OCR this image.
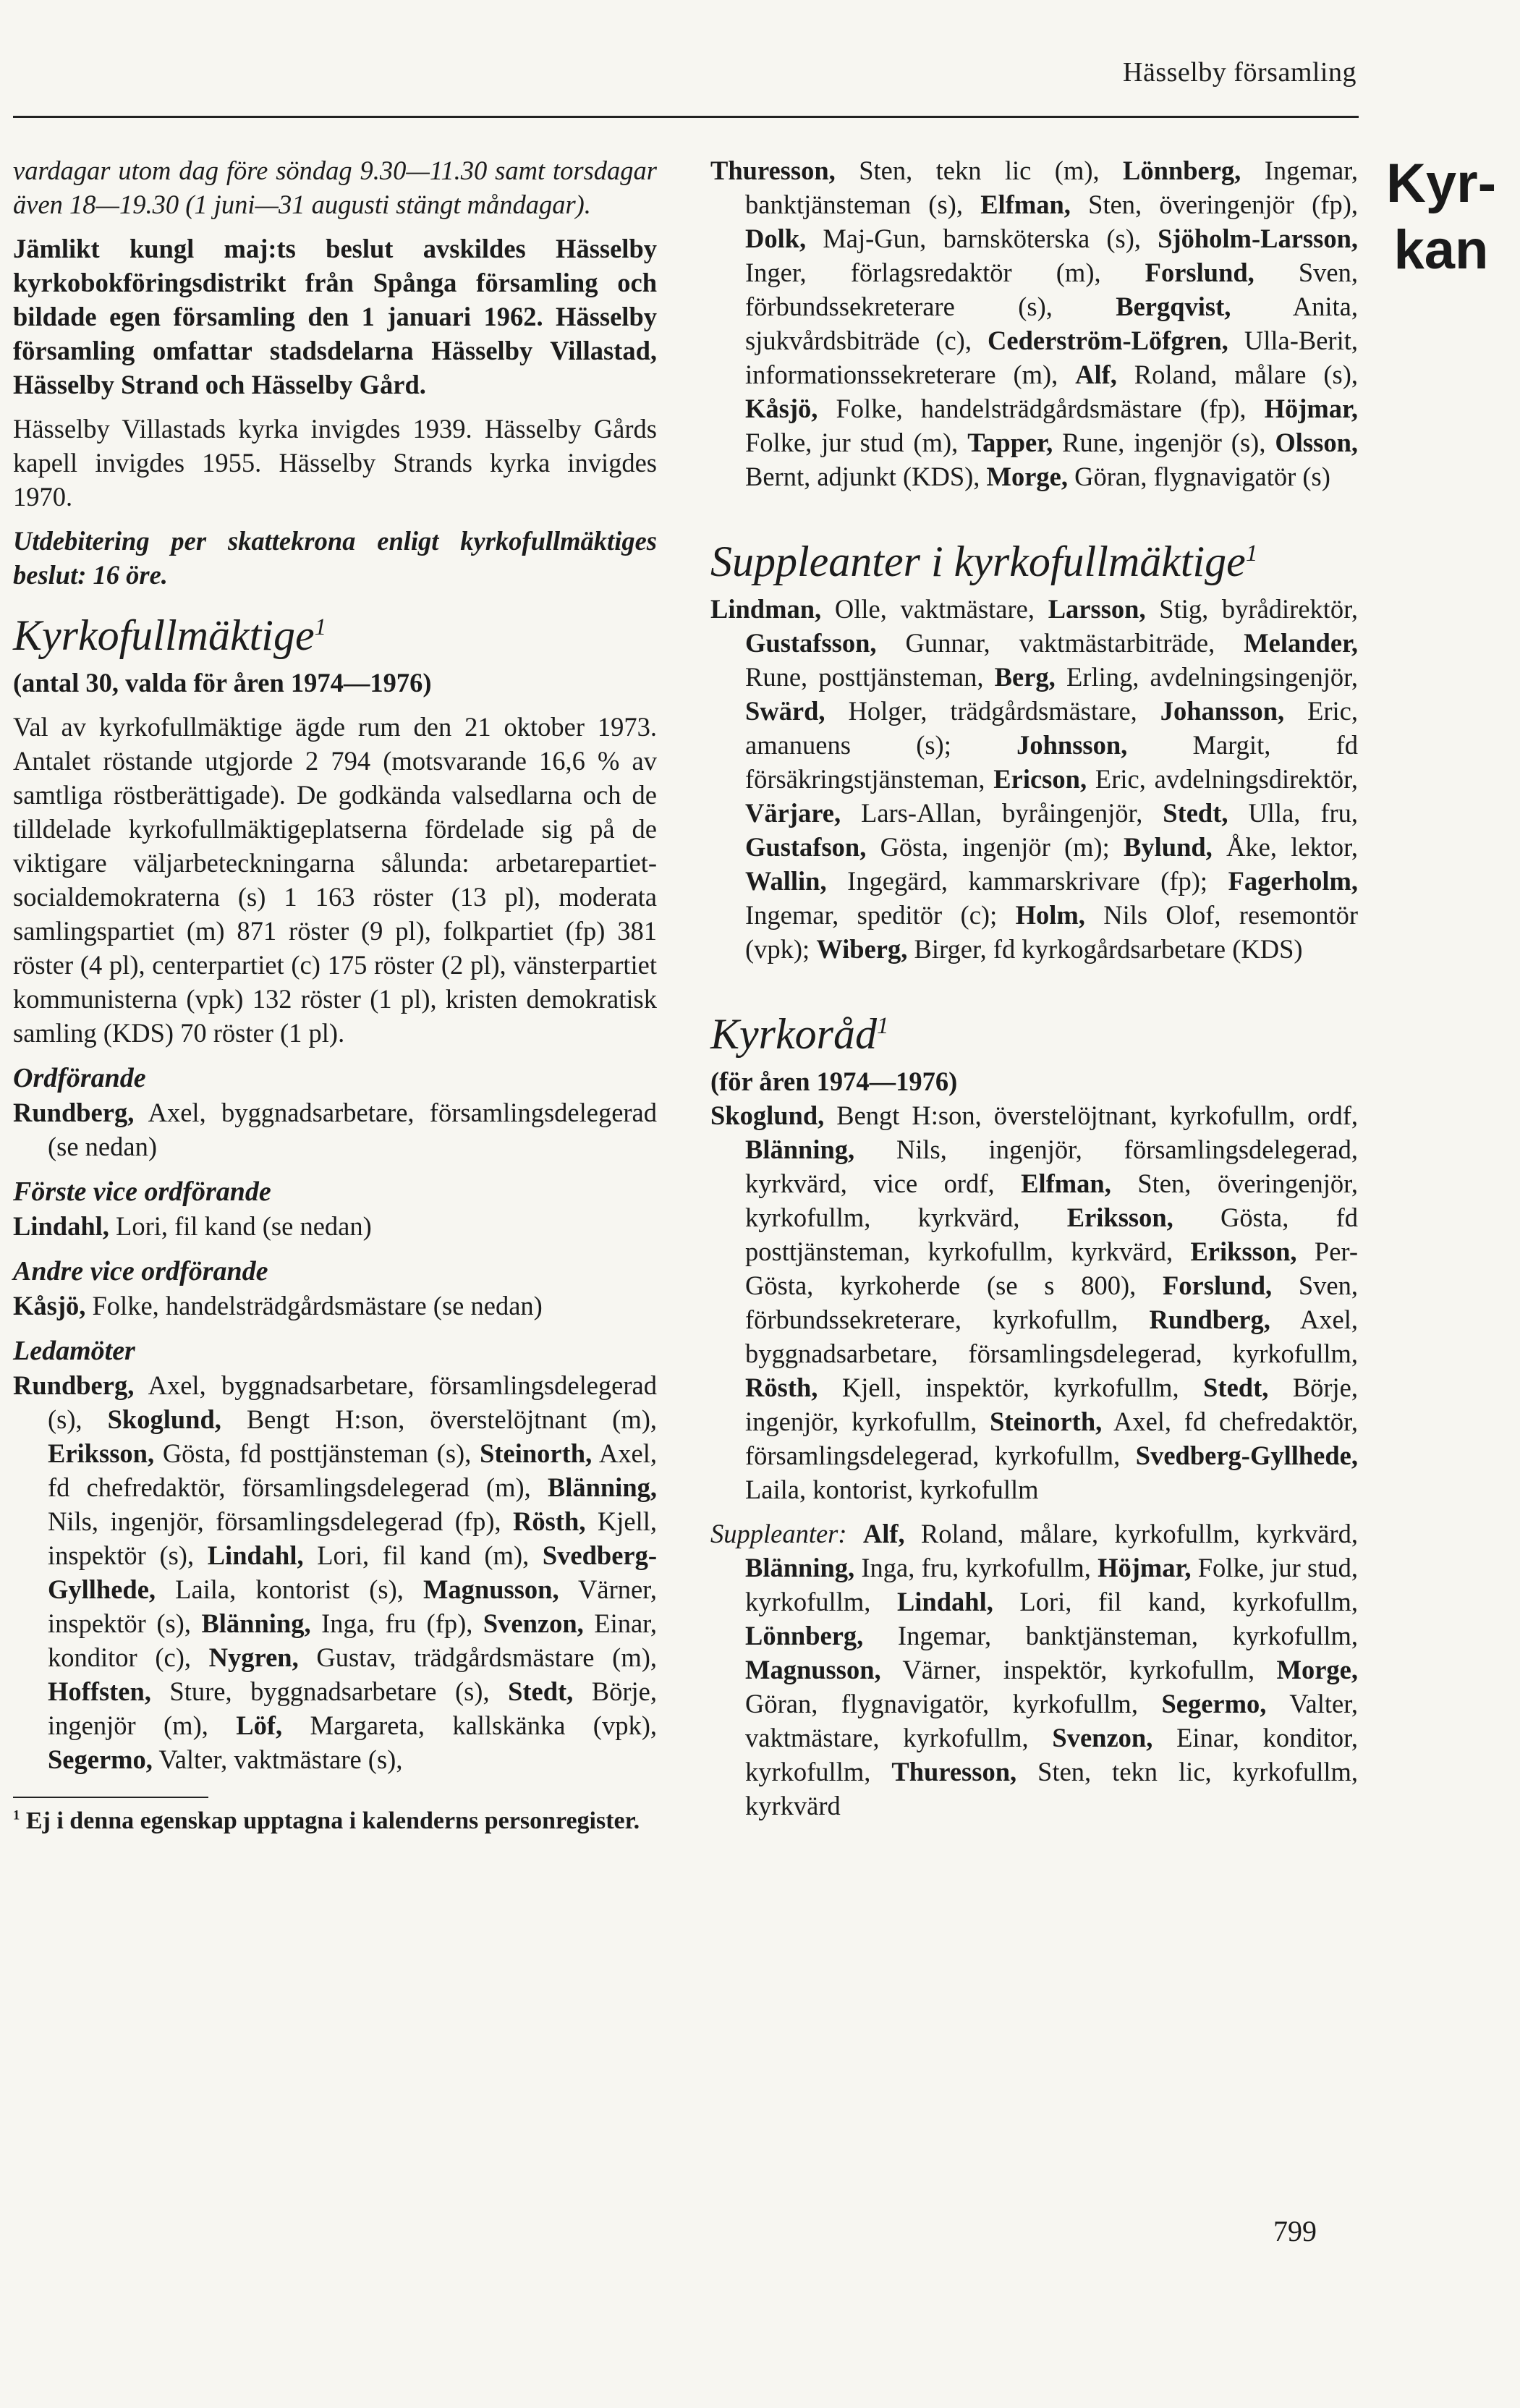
Hässelby församling
Kyr-
kan

vardagar utom dag före söndag 9.30—11.30 samt torsdagar även 18—19.30 (1 juni—31 augusti stängt måndagar).

Jämlikt kungl maj:ts beslut avskildes Hässelby kyrkobokföringsdistrikt från Spånga församling och bildade egen församling den 1 januari 1962. Hässelby församling omfattar stadsdelarna Hässelby Villastad, Hässelby Strand och Hässelby Gård.

Hässelby Villastads kyrka invigdes 1939. Hässelby Gårds kapell invigdes 1955. Hässelby Strands kyrka invigdes 1970.

Utdebitering per skattekrona enligt kyrkofullmäktiges beslut: 16 öre.

Kyrkofullmäktige$^1$

(antal 30, valda för åren 1974—1976)

Val av kyrkofullmäktige ägde rum den 21 oktober 1973. Antalet röstande utgjorde 2 794 (motsvarande 16,6 % av samtliga röstberättigade). De godkända valsedlarna och de tilldelade kyrkofullmäktigeplatserna fördelade sig på de viktigare väljarbeteckningarna sålunda: arbetarepartiet-socialdemokraterna (s) 1 163 röster (13 pl), moderata samlingspartiet (m) 871 röster (9 pl), folkpartiet (fp) 381 röster (4 pl), centerpartiet (c) 175 röster (2 pl), vänsterpartiet kommunisterna (vpk) 132 röster (1 pl), kristen demokratisk samling (KDS) 70 röster (1 pl).

Ordförande

Rundberg, Axel, byggnadsarbetare, församlingsdelegerad (se nedan)

Förste vice ordförande

Lindahl, Lori, fil kand (se nedan)

Andre vice ordförande

Kåsjö, Folke, handelsträdgårdsmästare (se nedan)

Ledamöter

Rundberg, Axel, byggnadsarbetare, församlingsdelegerad (s), Skoglund, Bengt H:son, överstelöjtnant (m), Eriksson, Gösta, fd posttjänsteman (s), Steinorth, Axel, fd chefredaktör, församlingsdelegerad (m), Blänning, Nils, ingenjör, församlingsdelegerad (fp), Rösth, Kjell, inspektör (s), Lindahl, Lori, fil kand (m), Svedberg-Gyllhede, Laila, kontorist (s), Magnusson, Värner, inspektör (s), Blänning, Inga, fru (fp), Svenzon, Einar, konditor (c), Nygren, Gustav, trädgårdsmästare (m), Hoffsten, Sture, byggnadsarbetare (s), Stedt, Börje, ingenjör (m), Löf, Margareta, kallskänka (vpk), Segermo, Valter, vaktmästare (s),

$^1$ Ej i denna egenskap upptagna i kalenderns personregister.

Thuresson, Sten, tekn lic (m), Lönnberg, Ingemar, banktjänsteman (s), Elfman, Sten, överingenjör (fp), Dolk, Maj-Gun, barnsköterska (s), Sjöholm-Larsson, Inger, förlagsredaktör (m), Forslund, Sven, förbundssekreterare (s), Bergqvist, Anita, sjukvårdsbiträde (c), Cederström-Löfgren, Ulla-Berit, informationssekreterare (m), Alf, Roland, målare (s), Kåsjö, Folke, handelsträdgårdsmästare (fp), Höjmar, Folke, jur stud (m), Tapper, Rune, ingenjör (s), Olsson, Bernt, adjunkt (KDS), Morge, Göran, flygnavigatör (s)

Suppleanter i kyrkofullmäktige$^1$

Lindman, Olle, vaktmästare, Larsson, Stig, byrådirektör, Gustafsson, Gunnar, vaktmästarbiträde, Melander, Rune, posttjänsteman, Berg, Erling, avdelningsingenjör, Swärd, Holger, trädgårdsmästare, Johansson, Eric, amanuens (s); Johnsson, Margit, fd försäkringstjänsteman, Ericson, Eric, avdelningsdirektör, Värjare, Lars-Allan, byråingenjör, Stedt, Ulla, fru, Gustafson, Gösta, ingenjör (m); Bylund, Åke, lektor, Wallin, Ingegärd, kammarskrivare (fp); Fagerholm, Ingemar, speditör (c); Holm, Nils Olof, resemontör (vpk); Wiberg, Birger, fd kyrkogårdsarbetare (KDS)

Kyrkoråd$^1$

(för åren 1974—1976)

Skoglund, Bengt H:son, överstelöjtnant, kyrkofullm, ordf, Blänning, Nils, ingenjör, församlingsdelegerad, kyrkvärd, vice ordf, Elfman, Sten, överingenjör, kyrkofullm, kyrkvärd, Eriksson, Gösta, fd posttjänsteman, kyrkofullm, kyrkvärd, Eriksson, Per-Gösta, kyrkoherde (se s 800), Forslund, Sven, förbundssekreterare, kyrkofullm, Rundberg, Axel, byggnadsarbetare, församlingsdelegerad, kyrkofullm, Rösth, Kjell, inspektör, kyrkofullm, Stedt, Börje, ingenjör, kyrkofullm, Steinorth, Axel, fd chefredaktör, församlingsdelegerad, kyrkofullm, Svedberg-Gyllhede, Laila, kontorist, kyrkofullm

Suppleanter: Alf, Roland, målare, kyrkofullm, kyrkvärd, Blänning, Inga, fru, kyrkofullm, Höjmar, Folke, jur stud, kyrkofullm, Lindahl, Lori, fil kand, kyrkofullm, Lönnberg, Ingemar, banktjänsteman, kyrkofullm, Magnusson, Värner, inspektör, kyrkofullm, Morge, Göran, flygnavigatör, kyrkofullm, Segermo, Valter, vaktmästare, kyrkofullm, Svenzon, Einar, konditor, kyrkofullm, Thuresson, Sten, tekn lic, kyrkofullm, kyrkvärd

799
